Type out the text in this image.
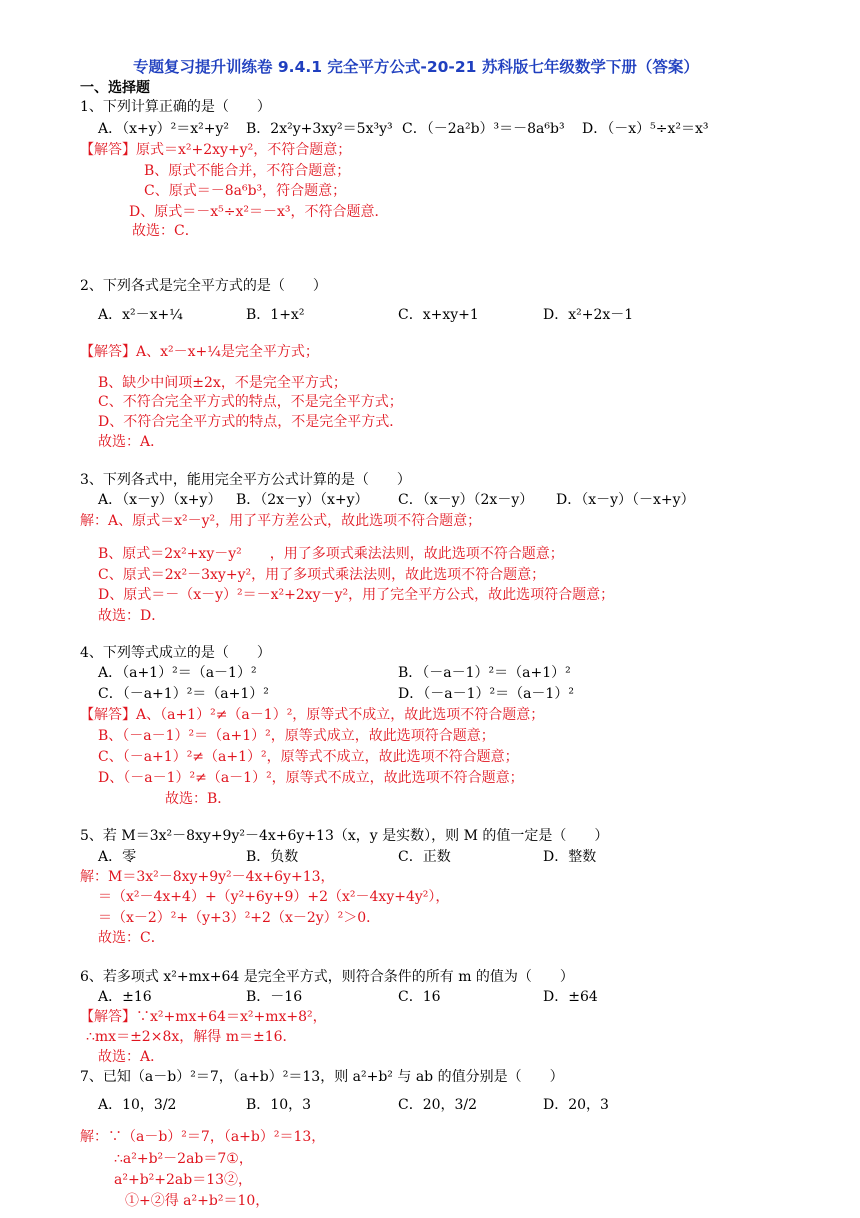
专题复习提升训练卷 9.4.1 完全平方公式-20-21 苏科版七年级数学下册（答案）
一、选择题
1、下列计算正确的是（　　）
A．（x+y）²＝x²+y² B．2x²y+3xy²＝5x³y³ C．（－2a²b）³＝－8a⁶b³ D．（－x）⁵÷x²＝x³
【解答】原式＝x²+2xy+y²，不符合题意；
B、原式不能合并，不符合题意；
C、原式＝－8a⁶b³，符合题意；
D、原式＝－x⁵÷x²＝－x³，不符合题意．
故选：C．
2、下列各式是完全平方式的是（　　）
A．x²－x+¼	B．1+x²	C．x+xy+1	D．x²+2x－1
【解答】A、x²－x+¼是完全平方式；
B、缺少中间项±2x，不是完全平方式；
C、不符合完全平方式的特点，不是完全平方式；
D、不符合完全平方式的特点，不是完全平方式．
故选：A．
3、下列各式中，能用完全平方公式计算的是（　　）
A．（x－y）（x+y） B．（2x－y）（x+y） C．（x－y）（2x－y） D．（x－y）（－x+y）
解：A、原式＝x²－y²，用了平方差公式，故此选项不符合题意；
B、原式＝2x²+xy－y²　　，用了多项式乘法法则，故此选项不符合题意；
C、原式＝2x²－3xy+y²，用了多项式乘法法则，故此选项不符合题意；
D、原式＝－（x－y）²＝－x²+2xy－y²，用了完全平方公式，故此选项符合题意；
故选：D．
4、下列等式成立的是（　　）
A．（a+1）²＝（a－1）²	B．（－a－1）²＝（a+1）²
C．（－a+1）²＝（a+1）²	D．（－a－1）²＝（a－1）²
【解答】A、（a+1）²≠（a－1）²，原等式不成立，故此选项不符合题意；
B、（－a－1）²＝（a+1）²，原等式成立，故此选项符合题意；
C、（－a+1）²≠（a+1）²，原等式不成立，故此选项不符合题意；
D、（－a－1）²≠（a－1）²，原等式不成立，故此选项不符合题意；
故选：B．
5、若 M＝3x²－8xy+9y²－4x+6y+13（x，y 是实数），则 M 的值一定是（　　）
A．零	B．负数	C．正数	D．整数
解：M＝3x²－8xy+9y²－4x+6y+13，
＝（x²－4x+4）+（y²+6y+9）+2（x²－4xy+4y²），
＝（x－2）²+（y+3）²+2（x－2y）²＞0．
故选：C．
6、若多项式 x²+mx+64 是完全平方式，则符合条件的所有 m 的值为（　　）
A．±16	B．－16	C．16	D．±64
【解答】∵x²+mx+64＝x²+mx+8²，
∴mx＝±2×8x，解得 m＝±16．
故选：A．
7、已知（a－b）²＝7，（a+b）²＝13，则 a²+b² 与 ab 的值分别是（　　）
A．10，3/2	B．10，3	C．20，3/2	D．20，3
解：∵（a－b）²＝7，（a+b）²＝13，
∴a²+b²－2ab＝7①，
a²+b²+2ab＝13②，
①+②得 a²+b²＝10，
